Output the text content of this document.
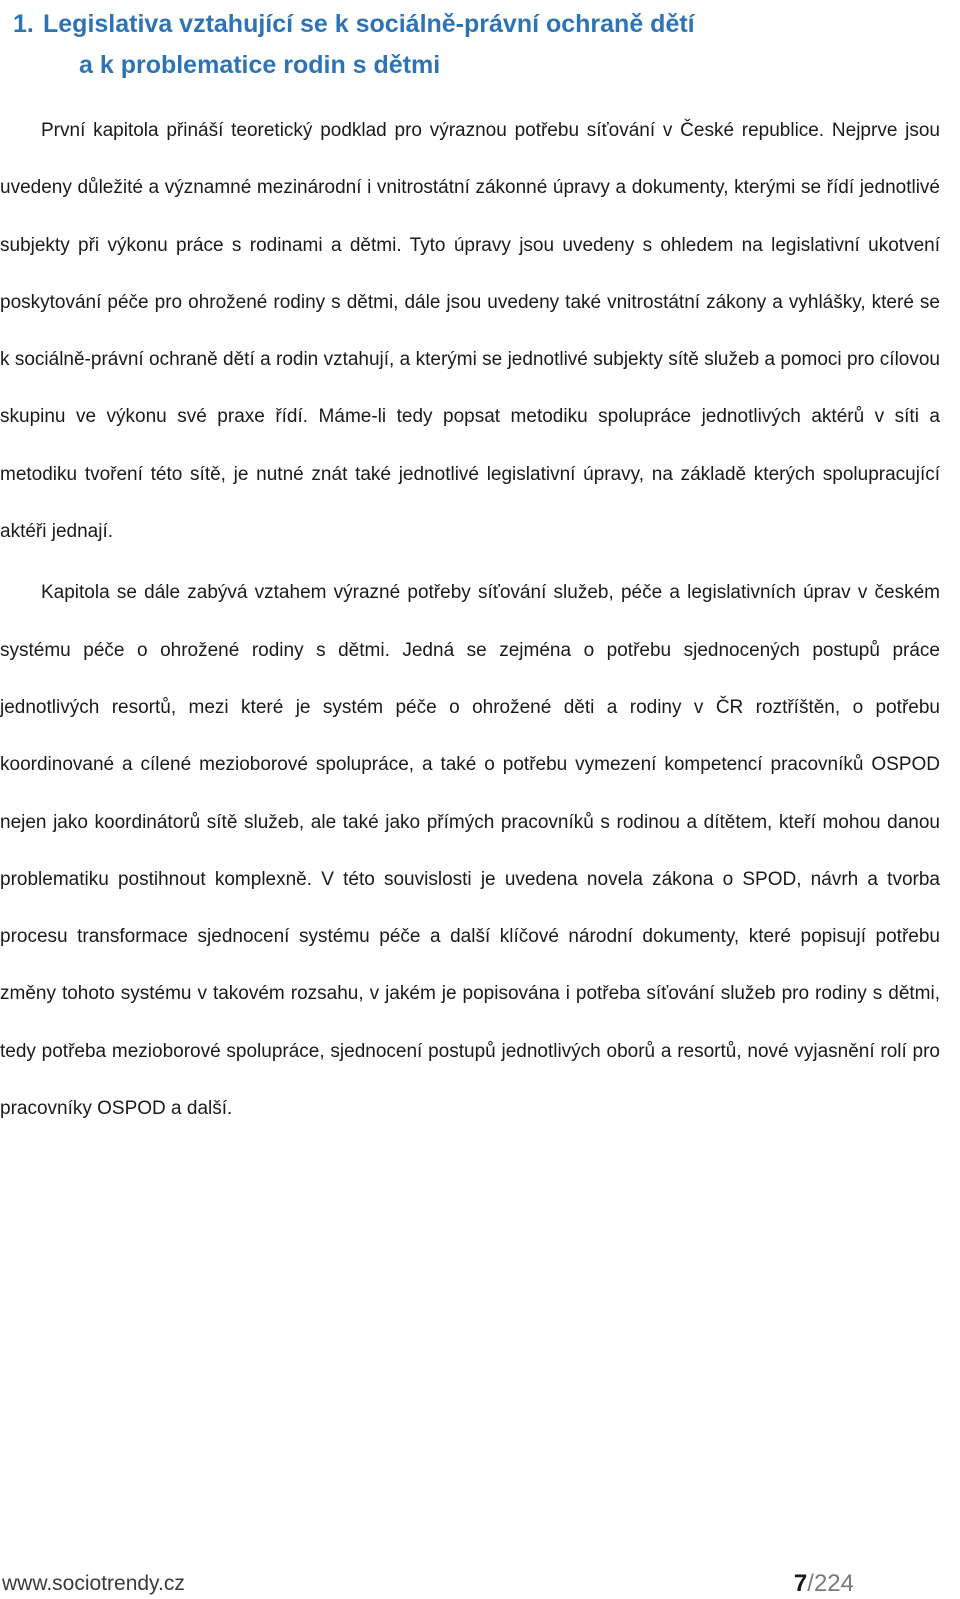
1. Legislativa vztahující se k sociálně-právní ochraně dětí
a k problematice rodin s dětmi

První kapitola přináší teoretický podklad pro výraznou potřebu síťování v České republice. Nejprve jsou uvedeny důležité a významné mezinárodní i vnitrostátní zákonné úpravy a dokumenty, kterými se řídí jednotlivé subjekty při výkonu práce s rodinami a dětmi. Tyto úpravy jsou uvedeny s ohledem na legislativní ukotvení poskytování péče pro ohrožené rodiny s dětmi, dále jsou uvedeny také vnitrostátní zákony a vyhlášky, které se k sociálně-právní ochraně dětí a rodin vztahují, a kterými se jednotlivé subjekty sítě služeb a pomoci pro cílovou skupinu ve výkonu své praxe řídí. Máme-li tedy popsat metodiku spolupráce jednotlivých aktérů v síti a metodiku tvoření této sítě, je nutné znát také jednotlivé legislativní úpravy, na základě kterých spolupracující aktéři jednají.

Kapitola se dále zabývá vztahem výrazné potřeby síťování služeb, péče a legislativních úprav v českém systému péče o ohrožené rodiny s dětmi. Jedná se zejména o potřebu sjednocených postupů práce jednotlivých resortů, mezi které je systém péče o ohrožené děti a rodiny v ČR roztříštěn, o potřebu koordinované a cílené mezioborové spolupráce, a také o potřebu vymezení kompetencí pracovníků OSPOD nejen jako koordinátorů sítě služeb, ale také jako přímých pracovníků s rodinou a dítětem, kteří mohou danou problematiku postihnout komplexně. V této souvislosti je uvedena novela zákona o SPOD, návrh a tvorba procesu transformace sjednocení systému péče a další klíčové národní dokumenty, které popisují potřebu změny tohoto systému v takovém rozsahu, v jakém je popisována i potřeba síťování služeb pro rodiny s dětmi, tedy potřeba mezioborové spolupráce, sjednocení postupů jednotlivých oborů a resortů, nové vyjasnění rolí pro pracovníky OSPOD a další.

www.sociotrendy.cz	7/224
